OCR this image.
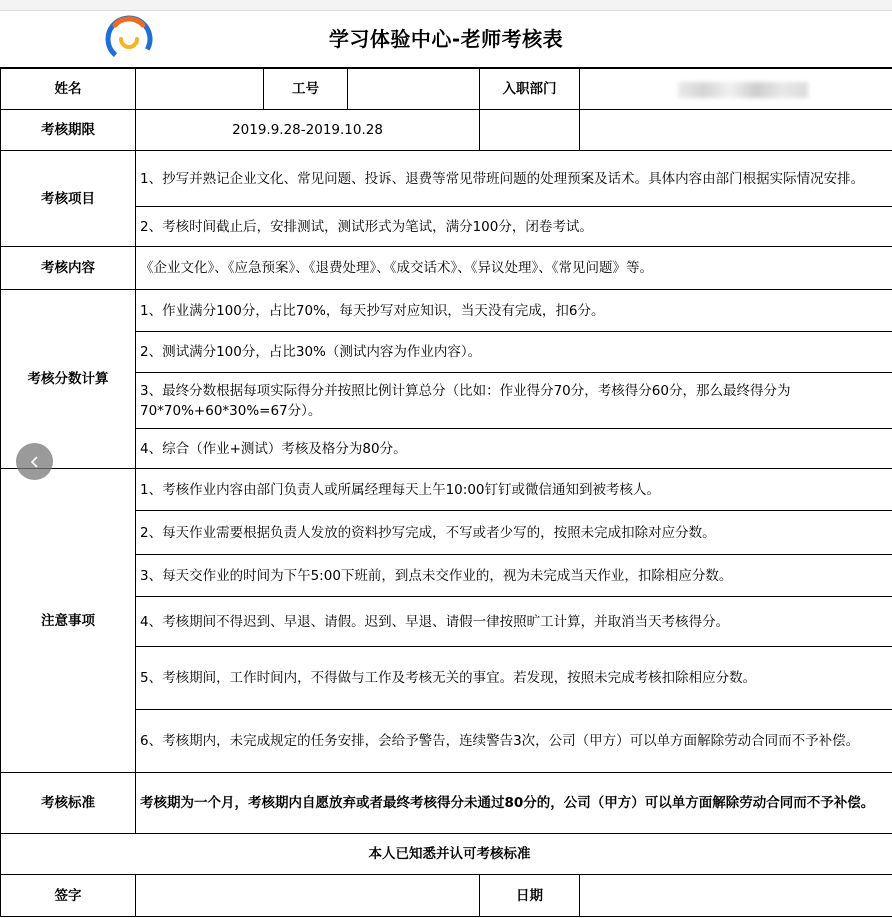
学习体验中心-老师考核表
姓名		工号		入职部门	
考核期限	2019.9.28-2019.10.28				
考核项目	1、抄写并熟记企业文化、常见问题、投诉、退费等常见带班问题的处理预案及话术。具体内容由部门根据实际情况安排。				
	2、考核时间截止后，安排测试，测试形式为笔试，满分100分，闭卷考试。				
考核内容	《企业文化》、《应急预案》、《退费处理》、《成交话术》、《异议处理》、《常见问题》等。				
考核分数计算	1、作业满分100分，占比70%，每天抄写对应知识，当天没有完成，扣6分。				
	2、测试满分100分，占比30%（测试内容为作业内容）。				
	3、最终分数根据每项实际得分并按照比例计算总分（比如：作业得分70分，考核得分60分，那么最终得分为70*70%+60*30%=67分）。				
	4、综合（作业+测试）考核及格分为80分。				
注意事项	1、考核作业内容由部门负责人或所属经理每天上午10:00钉钉或微信通知到被考核人。				
	2、每天作业需要根据负责人发放的资料抄写完成，不写或者少写的，按照未完成扣除对应分数。				
	3、每天交作业的时间为下午5:00下班前，到点未交作业的，视为未完成当天作业，扣除相应分数。				
	4、考核期间不得迟到、早退、请假。迟到、早退、请假一律按照旷工计算，并取消当天考核得分。				
	5、考核期间，工作时间内，不得做与工作及考核无关的事宜。若发现，按照未完成考核扣除相应分数。				
	6、考核期内，未完成规定的任务安排，会给予警告，连续警告3次，公司（甲方）可以单方面解除劳动合同而不予补偿。				
考核标准	考核期为一个月，考核期内自愿放弃或者最终考核得分未通过80分的，公司（甲方）可以单方面解除劳动合同而不予补偿。				
本人已知悉并认可考核标准					
签字				日期	
